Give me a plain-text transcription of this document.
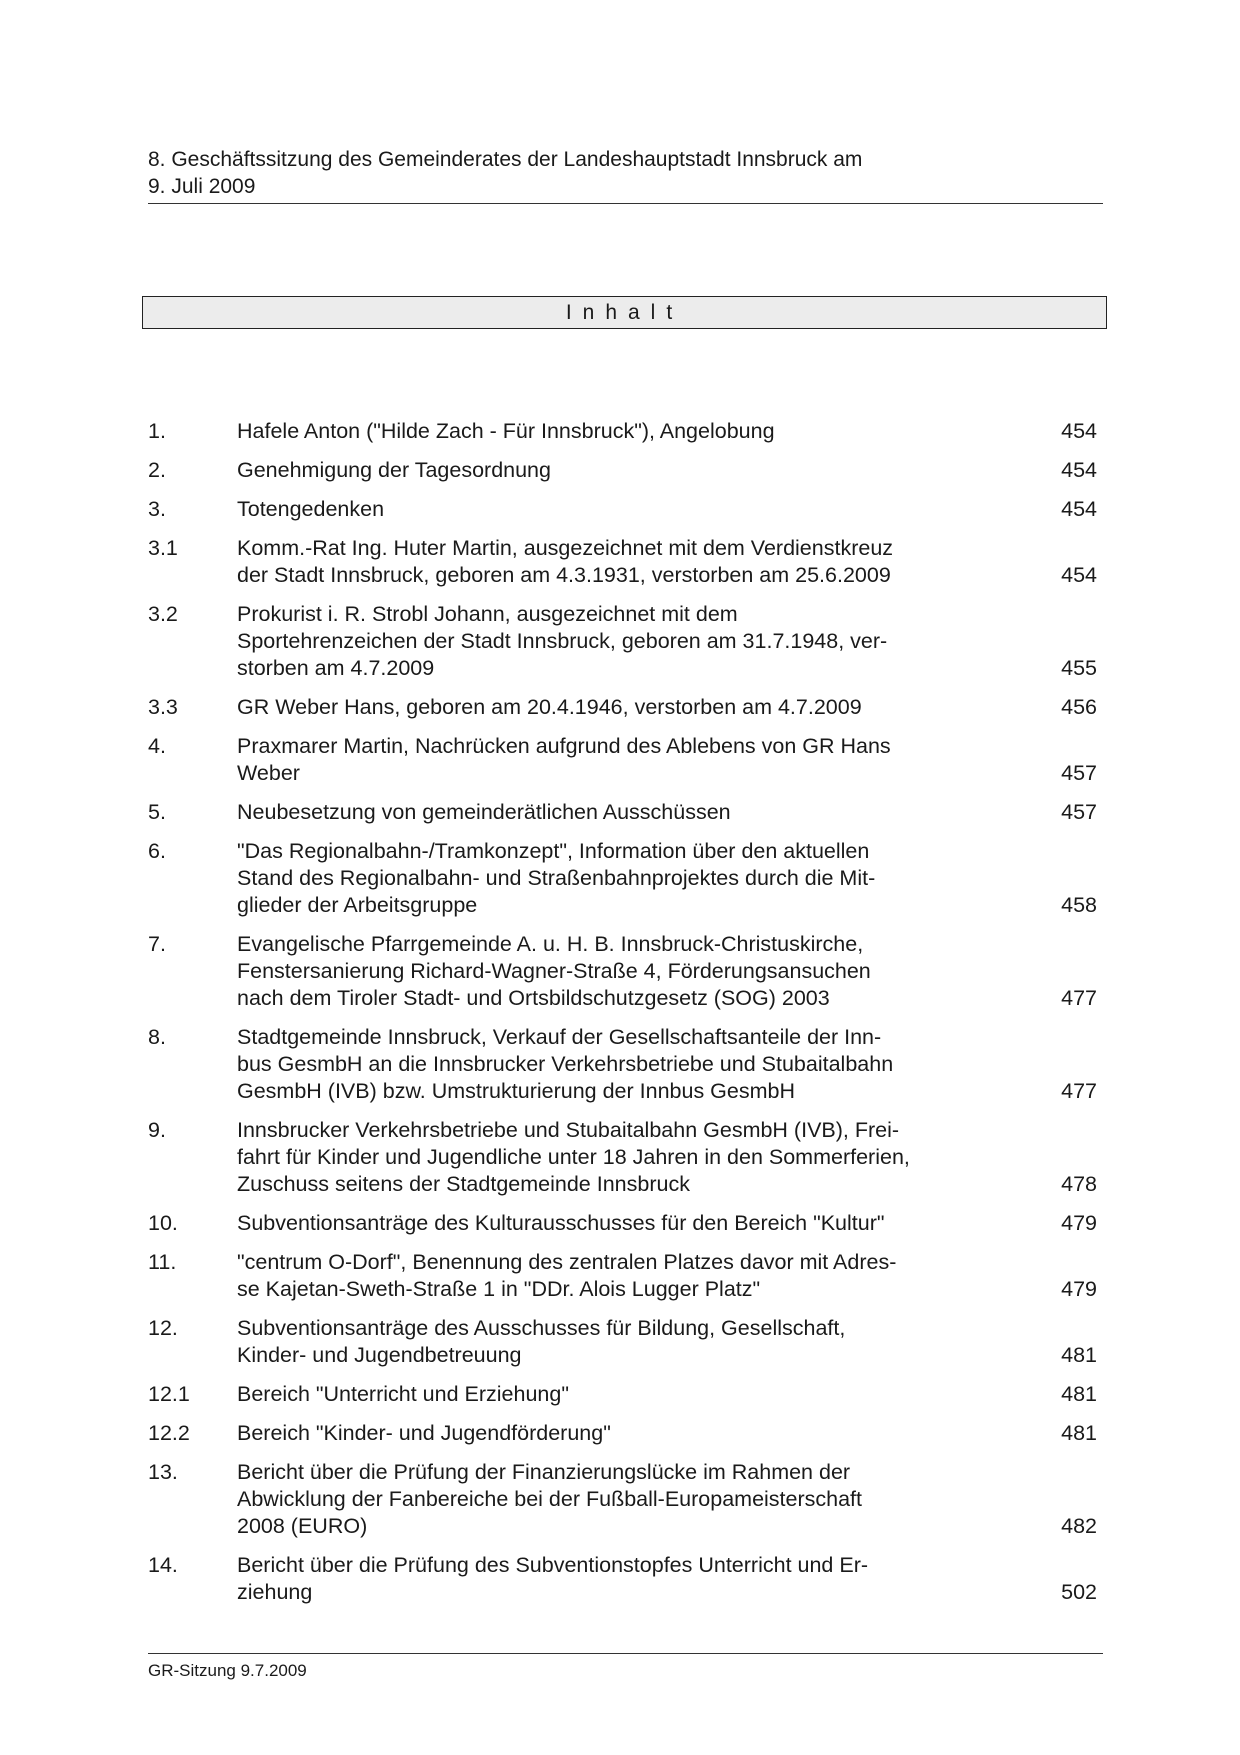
8. Geschäftssitzung des Gemeinderates der Landeshauptstadt Innsbruck am
9. Juli 2009
Inhalt
1.	Hafele Anton ("Hilde Zach - Für Innsbruck"), Angelobung	454
2.	Genehmigung der Tagesordnung	454
3.	Totengedenken	454
3.1	Komm.-Rat Ing. Huter Martin, ausgezeichnet mit dem Verdienstkreuz
der Stadt Innsbruck, geboren am 4.3.1931, verstorben am 25.6.2009	454
3.2	Prokurist i. R. Strobl Johann, ausgezeichnet mit dem
Sportehrenzeichen der Stadt Innsbruck, geboren am 31.7.1948, ver-
storben am 4.7.2009	455
3.3	GR Weber Hans, geboren am 20.4.1946, verstorben am 4.7.2009	456
4.	Praxmarer Martin, Nachrücken aufgrund des Ablebens von GR Hans
Weber	457
5.	Neubesetzung von gemeinderätlichen Ausschüssen	457
6.	"Das Regionalbahn-/Tramkonzept", Information über den aktuellen
Stand des Regionalbahn- und Straßenbahnprojektes durch die Mit-
glieder der Arbeitsgruppe	458
7.	Evangelische Pfarrgemeinde A. u. H. B. Innsbruck-Christuskirche,
Fenstersanierung Richard-Wagner-Straße 4, Förderungsansuchen
nach dem Tiroler Stadt- und Ortsbildschutzgesetz (SOG) 2003	477
8.	Stadtgemeinde Innsbruck, Verkauf der Gesellschaftsanteile der Inn-
bus GesmbH an die Innsbrucker Verkehrsbetriebe und Stubaitalbahn
GesmbH (IVB) bzw. Umstrukturierung der Innbus GesmbH	477
9.	Innsbrucker Verkehrsbetriebe und Stubaitalbahn GesmbH (IVB), Frei-
fahrt für Kinder und Jugendliche unter 18 Jahren in den Sommerferien,
Zuschuss seitens der Stadtgemeinde Innsbruck	478
10.	Subventionsanträge des Kulturausschusses für den Bereich "Kultur"	479
11.	"centrum O-Dorf", Benennung des zentralen Platzes davor mit Adres-
se Kajetan-Sweth-Straße 1 in "DDr. Alois Lugger Platz"	479
12.	Subventionsanträge des Ausschusses für Bildung, Gesellschaft,
Kinder- und Jugendbetreuung	481
12.1	Bereich "Unterricht und Erziehung"	481
12.2	Bereich "Kinder- und Jugendförderung"	481
13.	Bericht über die Prüfung der Finanzierungslücke im Rahmen der
Abwicklung der Fanbereiche bei der Fußball-Europameisterschaft
2008 (EURO)	482
14.	Bericht über die Prüfung des Subventionstopfes Unterricht und Er-
ziehung	502
GR-Sitzung 9.7.2009
